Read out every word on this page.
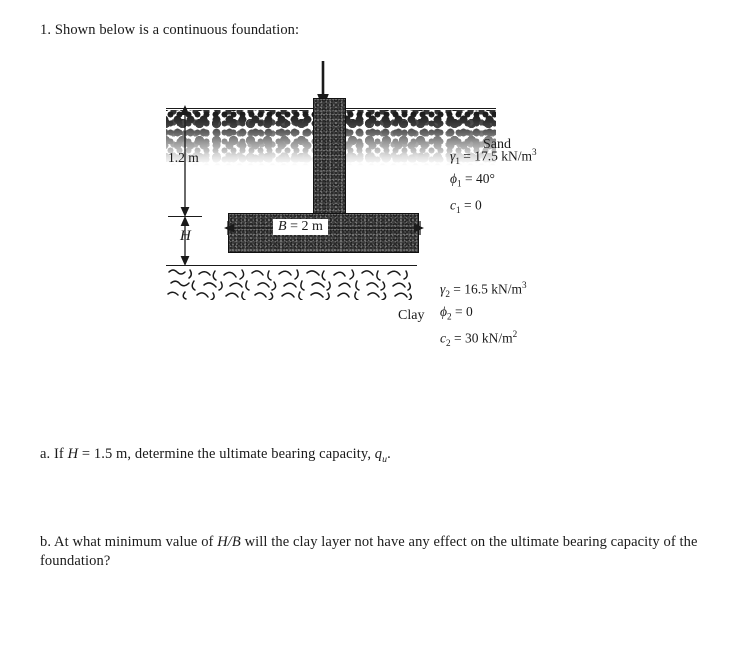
1. Shown below is a continuous foundation:
1.2 m
H
B = 2 m
Sand
$\gamma_1 = 17.5$ $kN/m^3$
$\phi_1 = 40^\circ$
$c_1 = 0$
Clay
$\gamma_2 = 16.5$ $kN/m^3$
$\phi_2 = 0$
$c_2 = 30$ $kN/m^2$
a. If H = 1.5 m, determine the ultimate bearing capacity, $q_u$.
b. At what minimum value of H/B will the clay layer not have any effect on the ultimate bearing capacity of the foundation?
